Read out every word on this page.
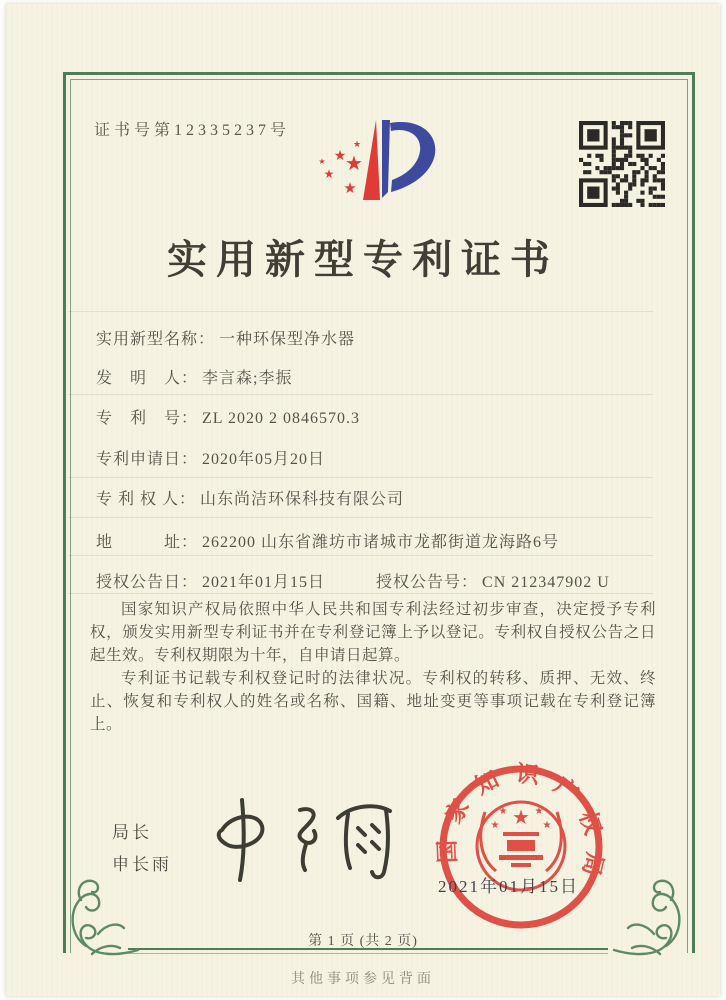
证书号第12335237号
★
★
★
★
★
★
实用新型专利证书
实用新型名称： 一种环保型净水器
发　明　人： 李言森;李振
专　利　号： ZL 2020 2 0846570.3
专利申请日： 2020年05月20日
专 利 权 人： 山东尚洁环保科技有限公司
地　　　址： 262200 山东省潍坊市诸城市龙都街道龙海路6号
授权公告日： 2021年01月15日	授权公告号： CN 212347902 U

国家知识产权局依照中华人民共和国专利法经过初步审查，决定授予专利权，颁发实用新型专利证书并在专利登记簿上予以登记。专利权自授权公告之日起生效。专利权期限为十年，自申请日起算。

专利证书记载专利权登记时的法律状况。专利权的转移、质押、无效、终止、恢复和专利权人的姓名或名称、国籍、地址变更等事项记载在专利登记簿上。

局长
申长雨
国家知识产权局
★
★	★
★	★
2021年01月15日
第 1 页 (共 2 页)
其他事项参见背面
